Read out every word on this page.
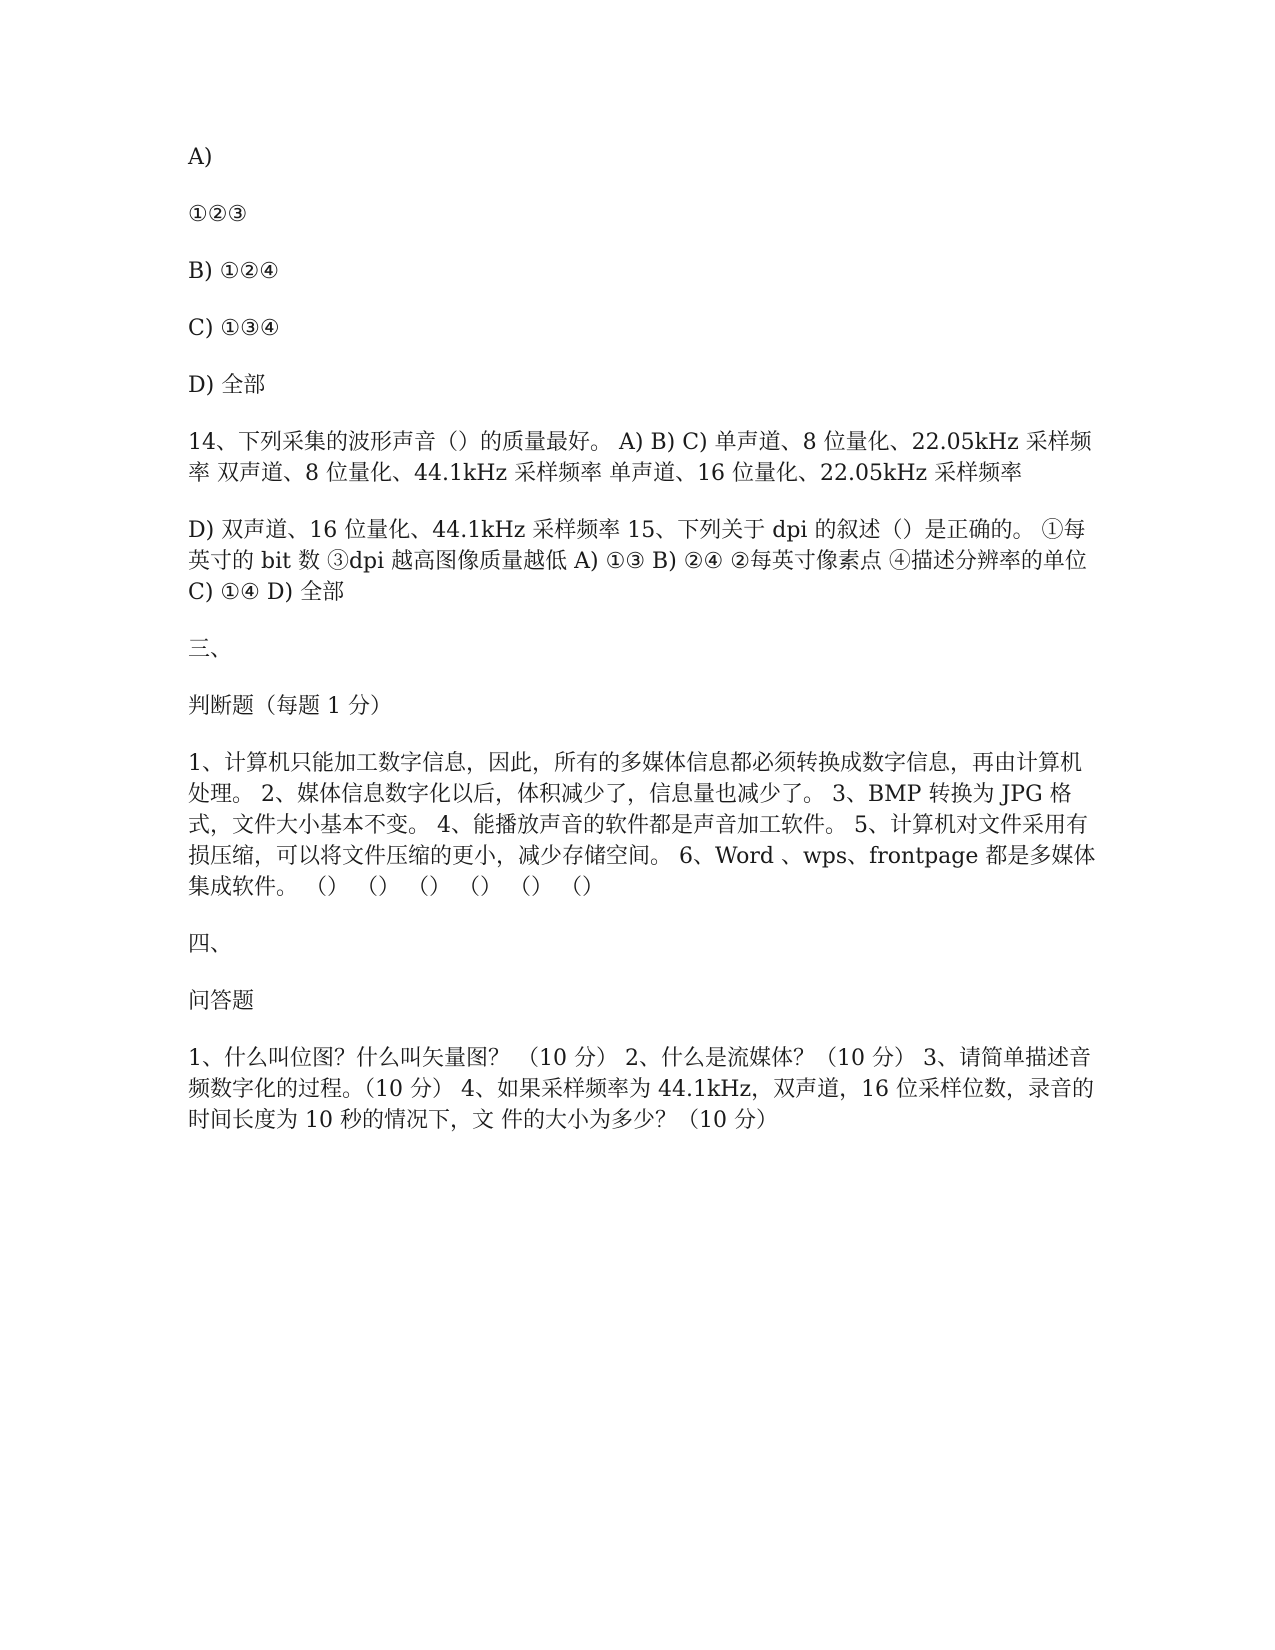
A)

①②③

B) ①②④

C) ①③④

D) 全部

14、下列采集的波形声音（）的质量最好。 A) B) C) 单声道、8 位量化、22.05kHz 采样频率 双声道、8 位量化、44.1kHz 采样频率 单声道、16 位量化、22.05kHz 采样频率

D) 双声道、16 位量化、44.1kHz 采样频率 15、下列关于 dpi 的叙述（）是正确的。 ①每英寸的 bit 数 ③dpi 越高图像质量越低 A) ①③ B) ②④ ②每英寸像素点 ④描述分辨率的单位 C) ①④ D) 全部

三、

判断题（每题 1 分）

1、计算机只能加工数字信息，因此，所有的多媒体信息都必须转换成数字信息，再由计算机 处理。 2、媒体信息数字化以后，体积减少了，信息量也减少了。 3、BMP 转换为 JPG 格式，文件大小基本不变。 4、能播放声音的软件都是声音加工软件。 5、计算机对文件采用有损压缩，可以将文件压缩的更小，减少存储空间。 6、Word 、wps、frontpage 都是多媒体集成软件。 （） （） （） （） （） （）

四、

问答题

1、什么叫位图？什么叫矢量图？ （10 分） 2、什么是流媒体？（10 分） 3、请简单描述音频数字化的过程。（10 分） 4、如果采样频率为 44.1kHz，双声道，16 位采样位数，录音的时间长度为 10 秒的情况下，文 件的大小为多少？（10 分）
